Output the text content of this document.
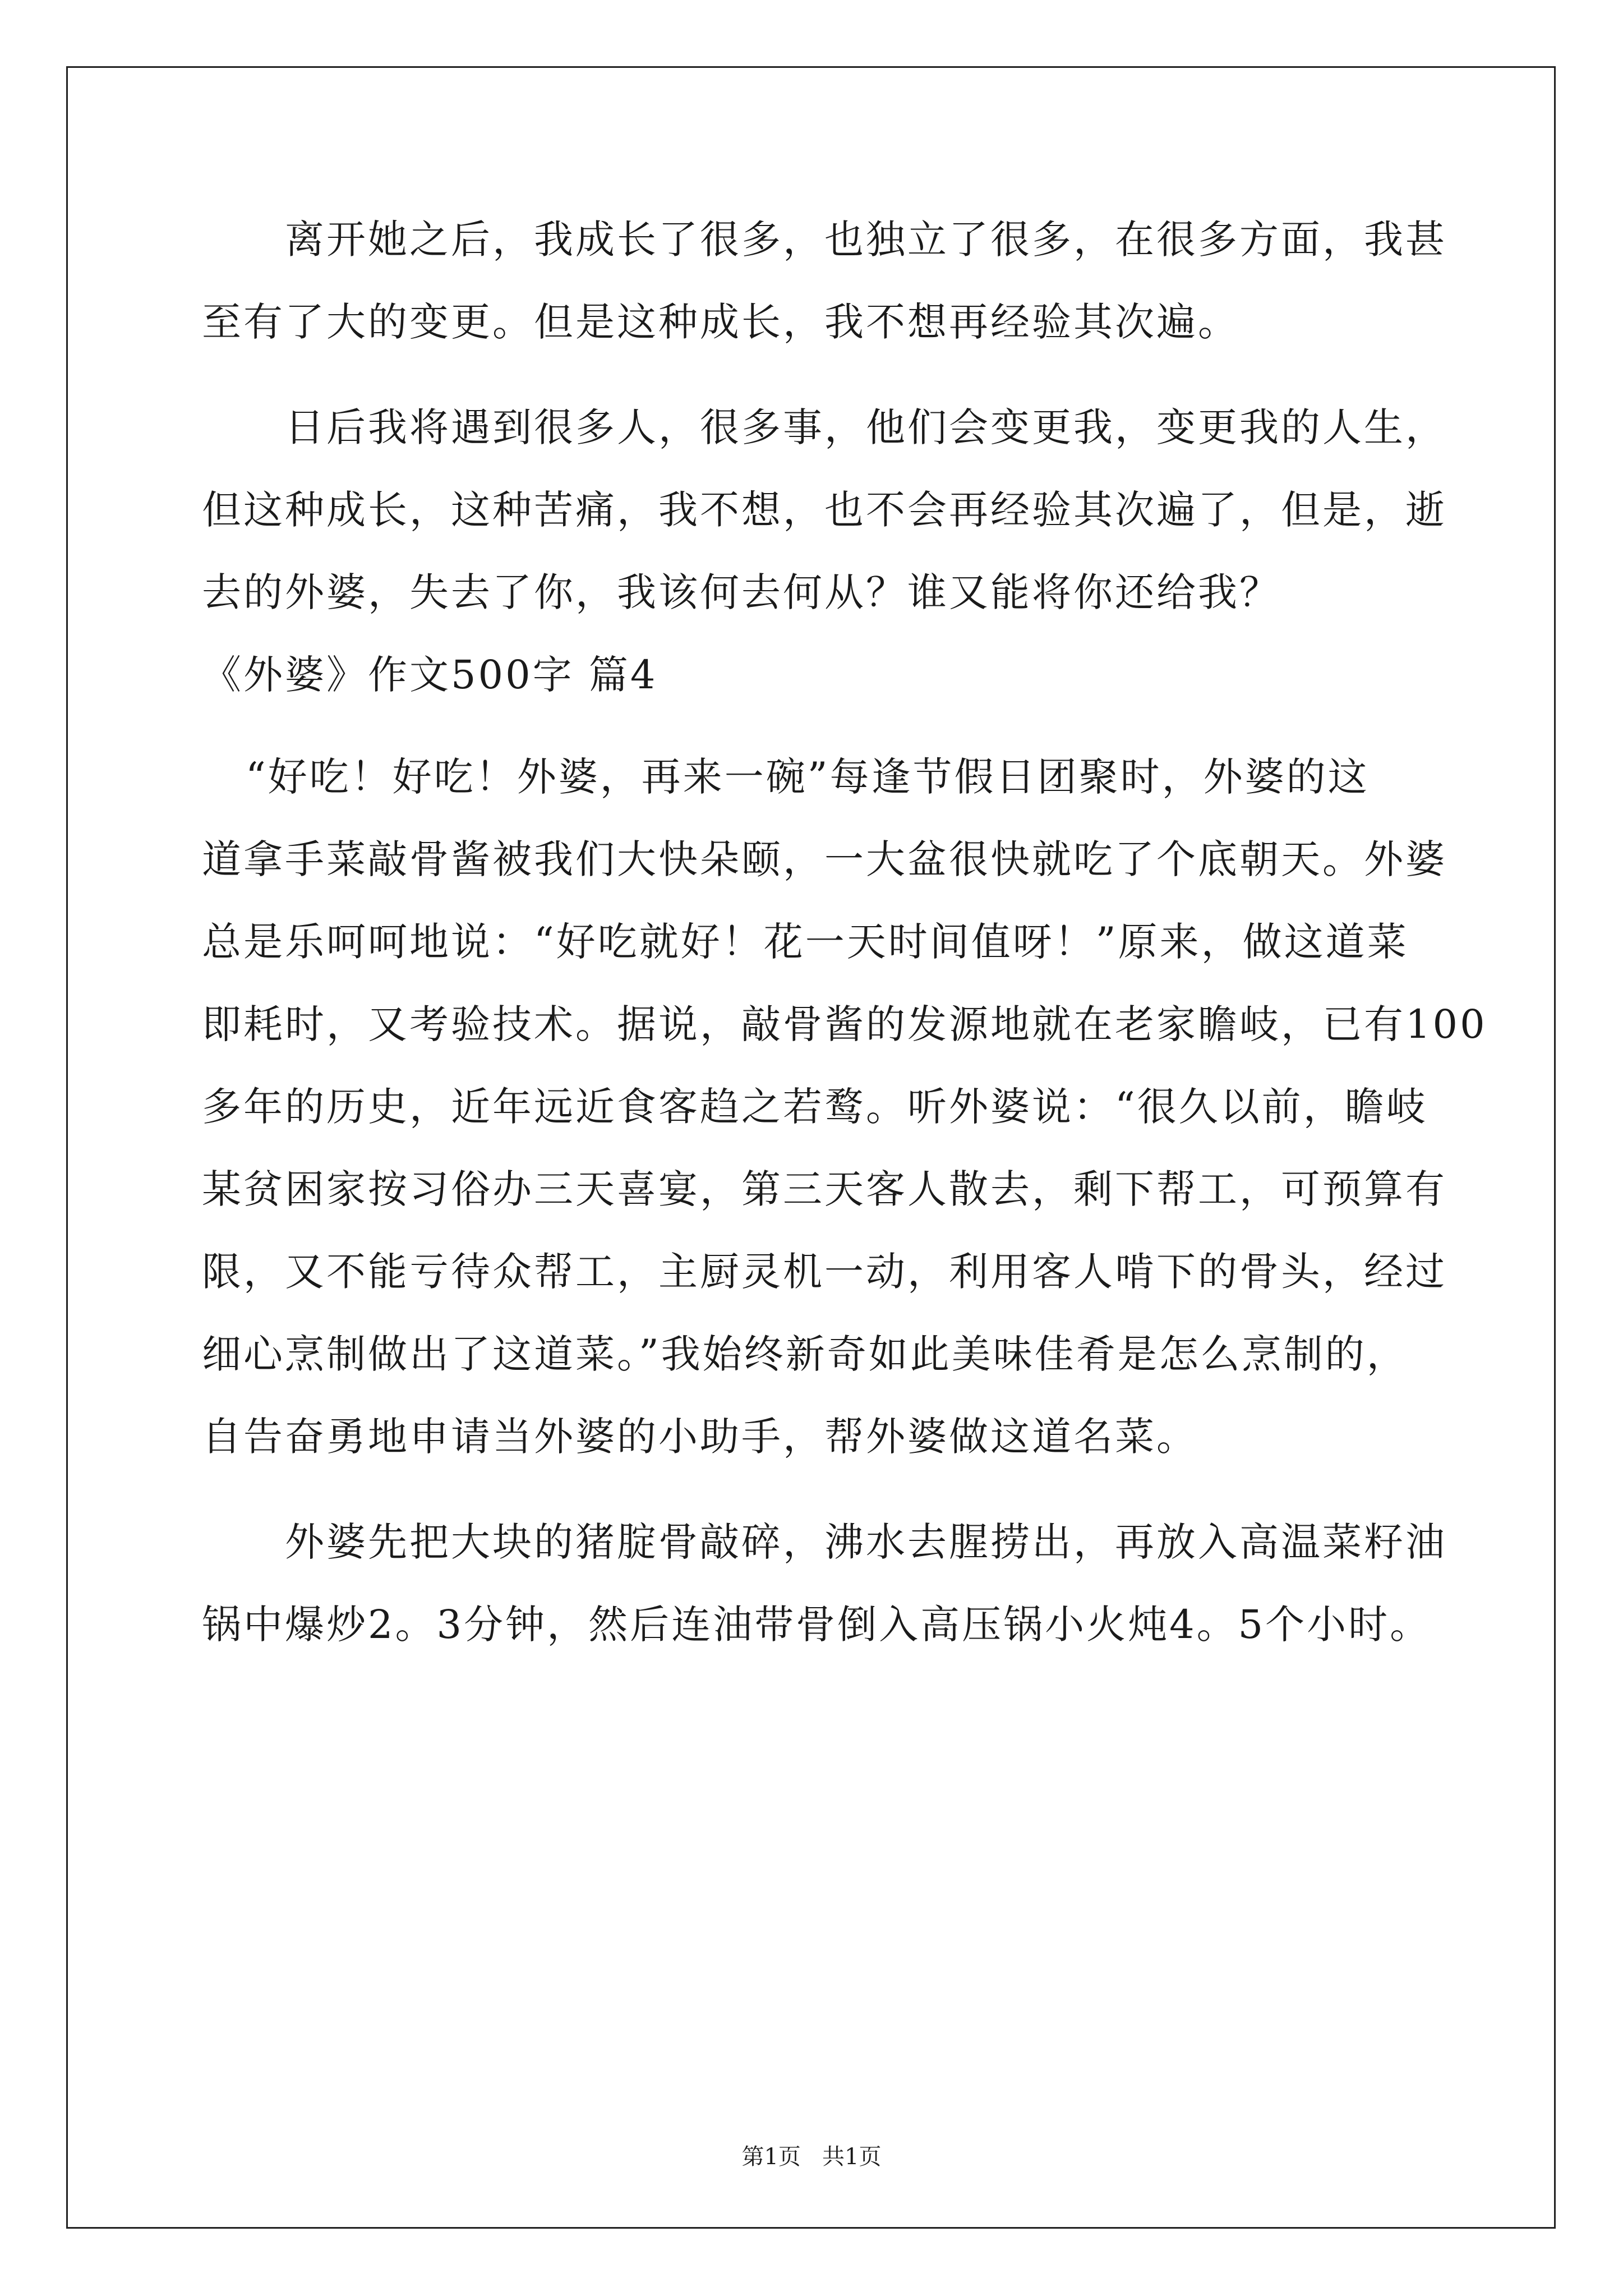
离开她之后，我成长了很多，也独立了很多，在很多方面，我甚
至有了大的变更。但是这种成长，我不想再经验其次遍。
日后我将遇到很多人，很多事，他们会变更我，变更我的人生，
但这种成长，这种苦痛，我不想，也不会再经验其次遍了，但是，逝
去的外婆，失去了你，我该何去何从？谁又能将你还给我？
《外婆》作文500字 篇4
“好吃！好吃！外婆，再来一碗”每逢节假日团聚时，外婆的这
道拿手菜敲骨酱被我们大快朵颐，一大盆很快就吃了个底朝天。外婆
总是乐呵呵地说：“好吃就好！花一天时间值呀！”原来，做这道菜
即耗时，又考验技术。据说，敲骨酱的发源地就在老家瞻岐，已有100
多年的历史，近年远近食客趋之若鹜。听外婆说：“很久以前，瞻岐
某贫困家按习俗办三天喜宴，第三天客人散去，剩下帮工，可预算有
限，又不能亏待众帮工，主厨灵机一动，利用客人啃下的骨头，经过
细心烹制做出了这道菜。”我始终新奇如此美味佳肴是怎么烹制的，
自告奋勇地申请当外婆的小助手，帮外婆做这道名菜。
外婆先把大块的猪腚骨敲碎，沸水去腥捞出，再放入高温菜籽油
锅中爆炒2。3分钟，然后连油带骨倒入高压锅小火炖4。5个小时。
第1页   共1页
